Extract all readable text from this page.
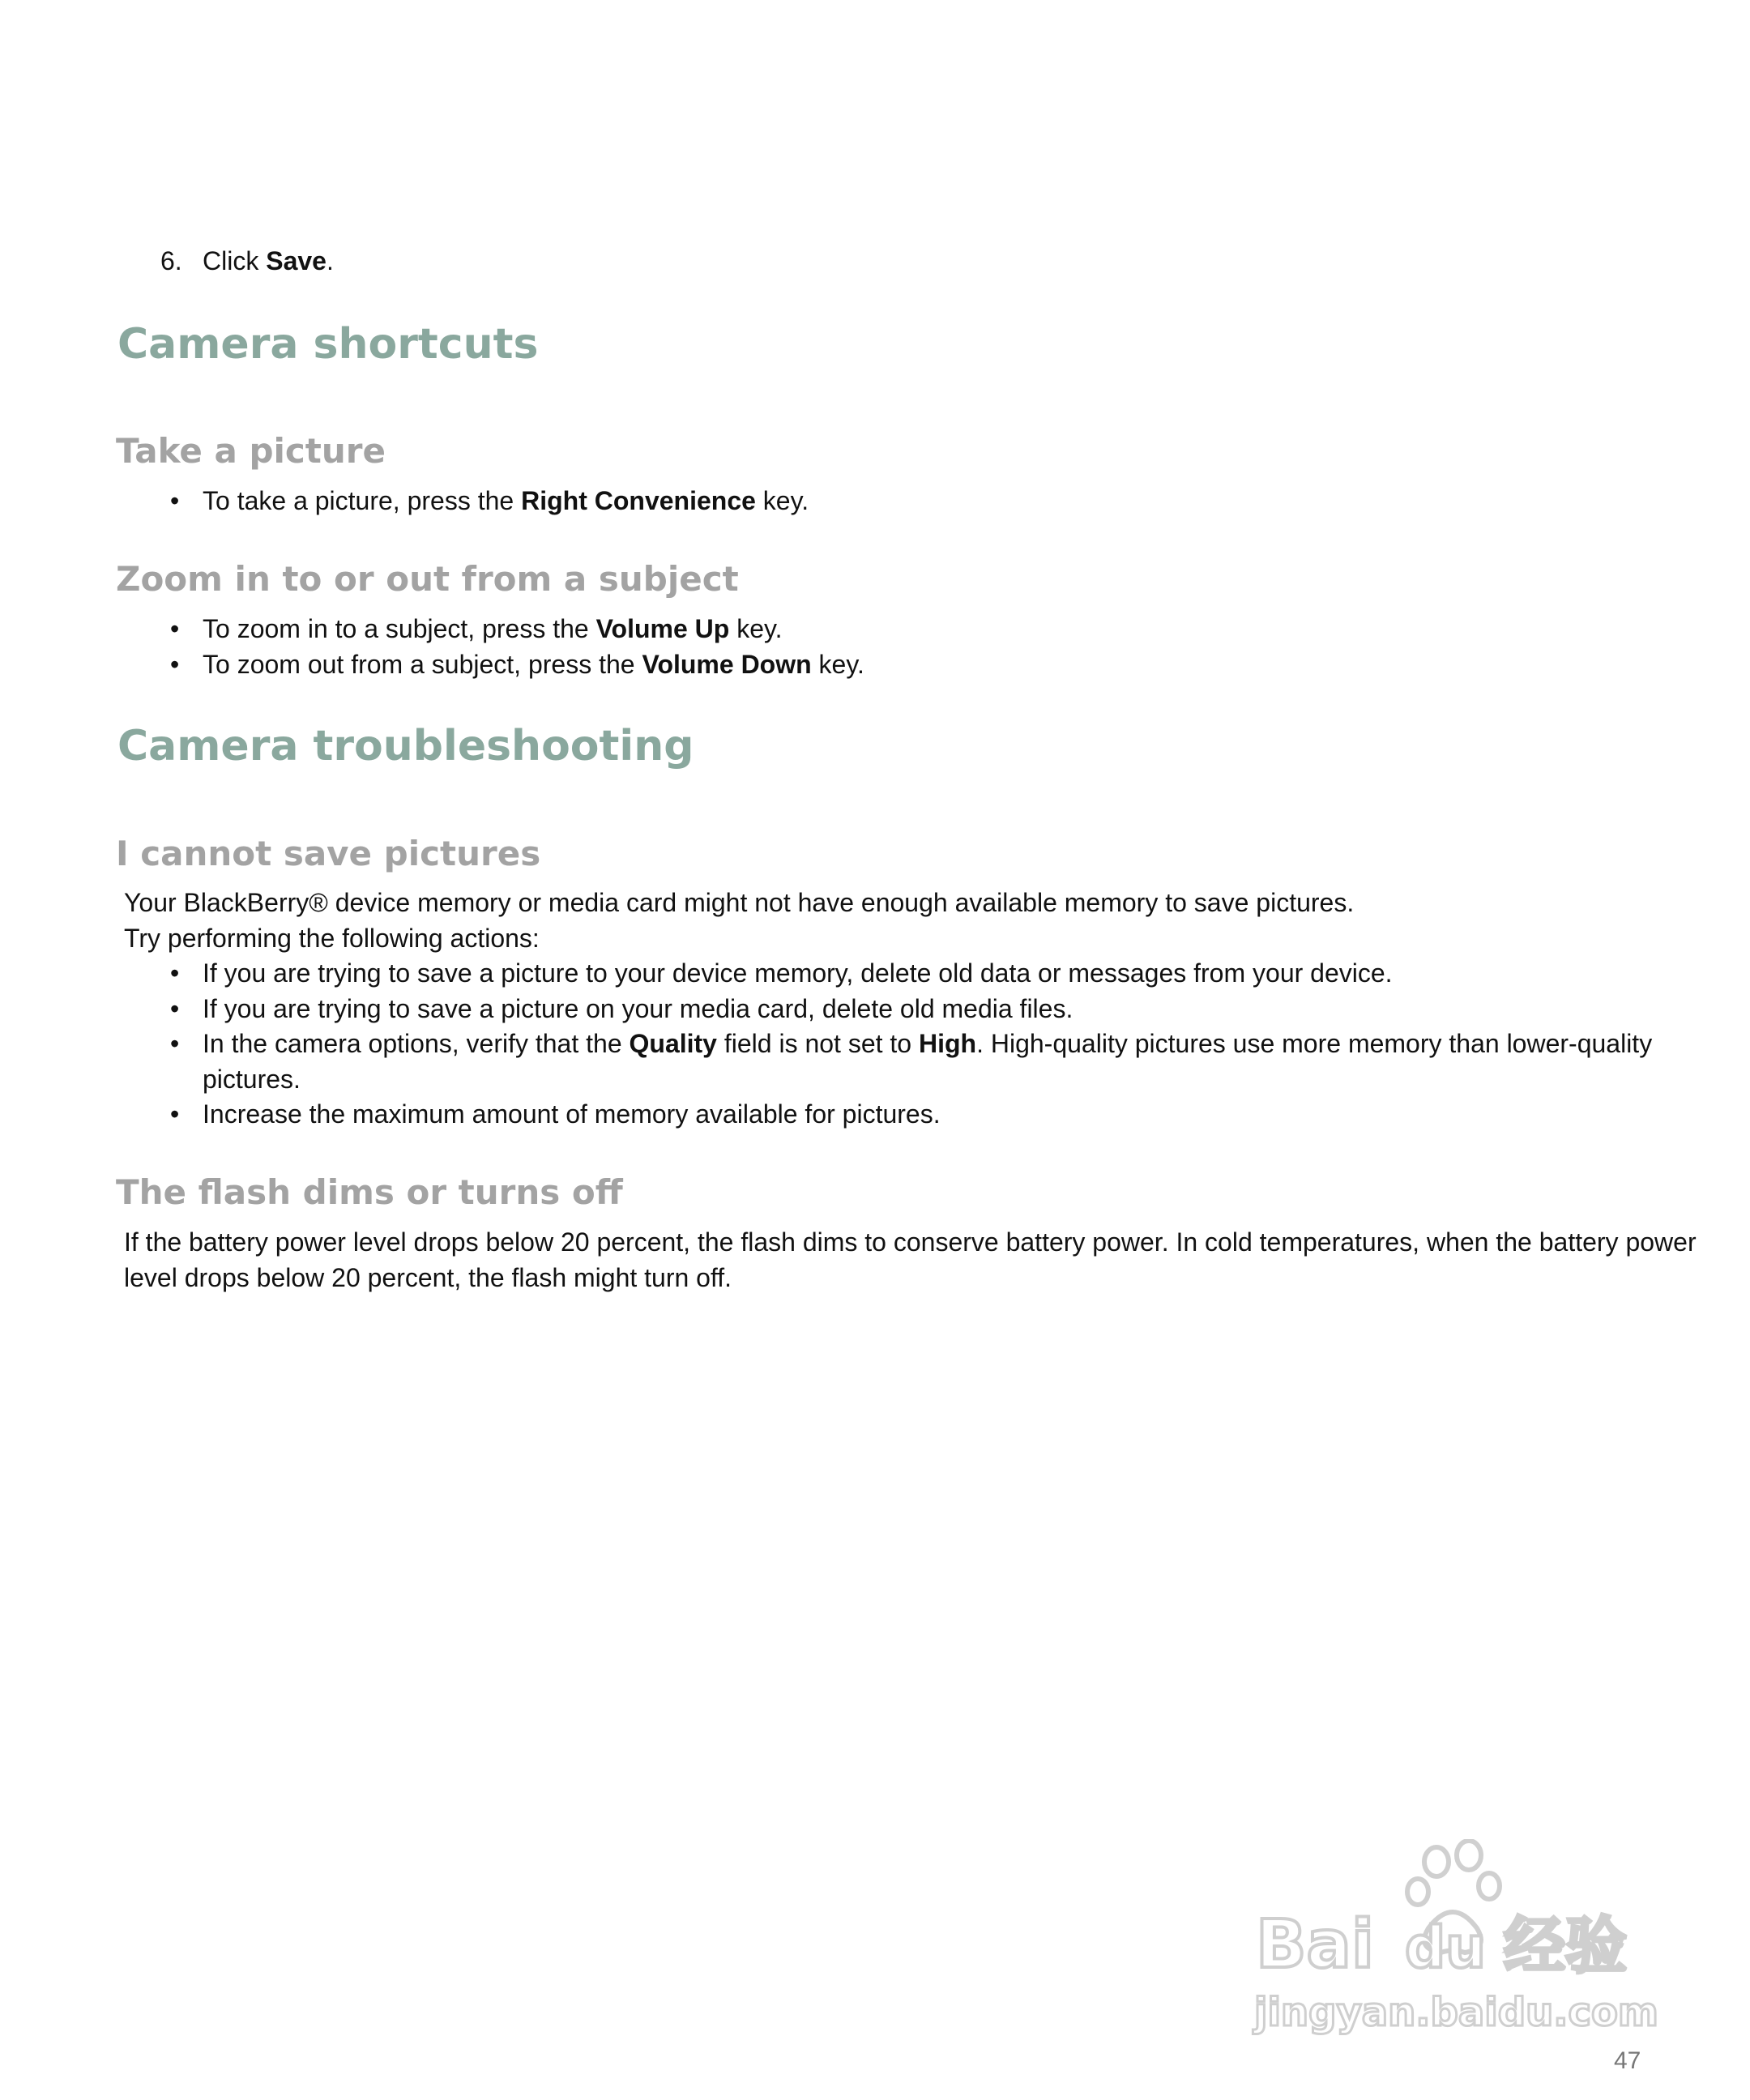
6. Click Save.
Camera shortcuts
Take a picture
• To take a picture, press the Right Convenience key.
Zoom in to or out from a subject
• To zoom in to a subject, press the Volume Up key.
• To zoom out from a subject, press the Volume Down key.
Camera troubleshooting
I cannot save pictures
Your BlackBerry® device memory or media card might not have enough available memory to save pictures.
Try performing the following actions:
• If you are trying to save a picture to your device memory, delete old data or messages from your device.
• If you are trying to save a picture on your media card, delete old media files.
• In the camera options, verify that the Quality field is not set to High. High-quality pictures use more memory than lower-quality
pictures.
• Increase the maximum amount of memory available for pictures.
The flash dims or turns off
If the battery power level drops below 20 percent, the flash dims to conserve battery power. In cold temperatures, when the battery power
level drops below 20 percent, the flash might turn off.
Bai du 经验
jingyan.baidu.com
47
